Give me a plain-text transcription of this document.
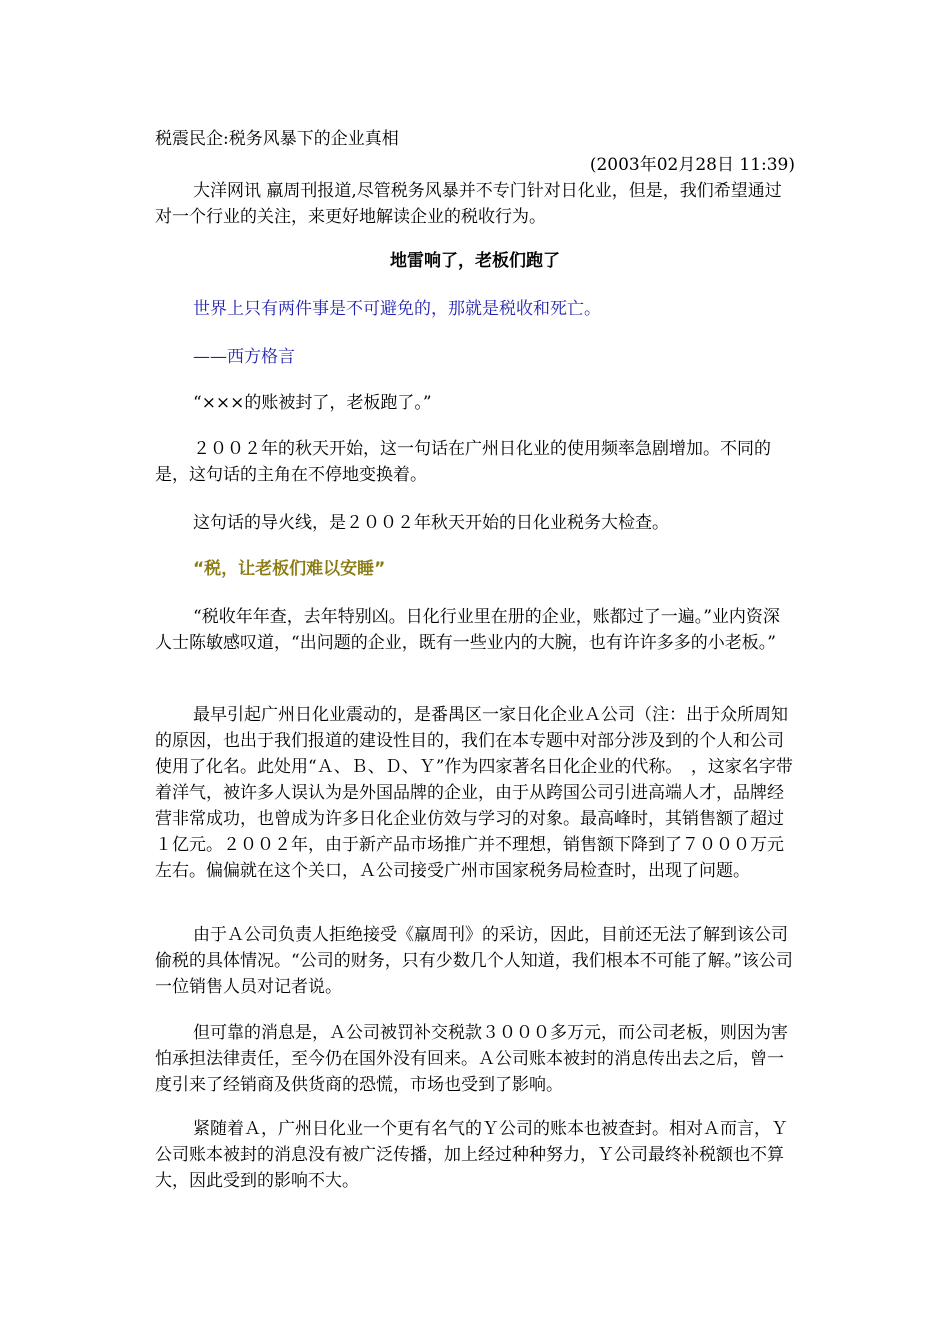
税震民企:税务风暴下的企业真相

(2003年02月28日 11:39)

大洋网讯 羸周刊报道,尽管税务风暴并不专门针对日化业，但是，我们希望通过对一个行业的关注，来更好地解读企业的税收行为。

地雷响了，老板们跑了

世界上只有两件事是不可避免的，那就是税收和死亡。

——西方格言

“×××的账被封了，老板跑了。”

２００２年的秋天开始，这一句话在广州日化业的使用频率急剧增加。不同的是，这句话的主角在不停地变换着。

这句话的导火线，是２００２年秋天开始的日化业税务大检查。

“税，让老板们难以安睡”

“税收年年查，去年特别凶。日化行业里在册的企业，账都过了一遍。”业内资深人士陈敏感叹道，“出问题的企业，既有一些业内的大腕，也有许许多多的小老板。”

最早引起广州日化业震动的，是番禺区一家日化企业Ａ公司（注：出于众所周知的原因，也出于我们报道的建设性目的，我们在本专题中对部分涉及到的个人和公司使用了化名。此处用“Ａ、Ｂ、Ｄ、Ｙ”作为四家著名日化企业的代称。　，这家名字带着洋气，被许多人误认为是外国品牌的企业，由于从跨国公司引进高端人才，品牌经营非常成功，也曾成为许多日化企业仿效与学习的对象。最高峰时，其销售额了超过１亿元。２００２年，由于新产品市场推广并不理想，销售额下降到了７０００万元左右。偏偏就在这个关口，Ａ公司接受广州市国家税务局检查时，出现了问题。

由于Ａ公司负责人拒绝接受《羸周刊》的采访，因此，目前还无法了解到该公司偷税的具体情况。“公司的财务，只有少数几个人知道，我们根本不可能了解。”该公司一位销售人员对记者说。

但可靠的消息是，Ａ公司被罚补交税款３０００多万元，而公司老板，则因为害怕承担法律责任，至今仍在国外没有回来。Ａ公司账本被封的消息传出去之后，曾一度引来了经销商及供货商的恐慌，市场也受到了影响。

紧随着Ａ，广州日化业一个更有名气的Ｙ公司的账本也被查封。相对Ａ而言，Ｙ公司账本被封的消息没有被广泛传播，加上经过种种努力，Ｙ公司最终补税额也不算大，因此受到的影响不大。
